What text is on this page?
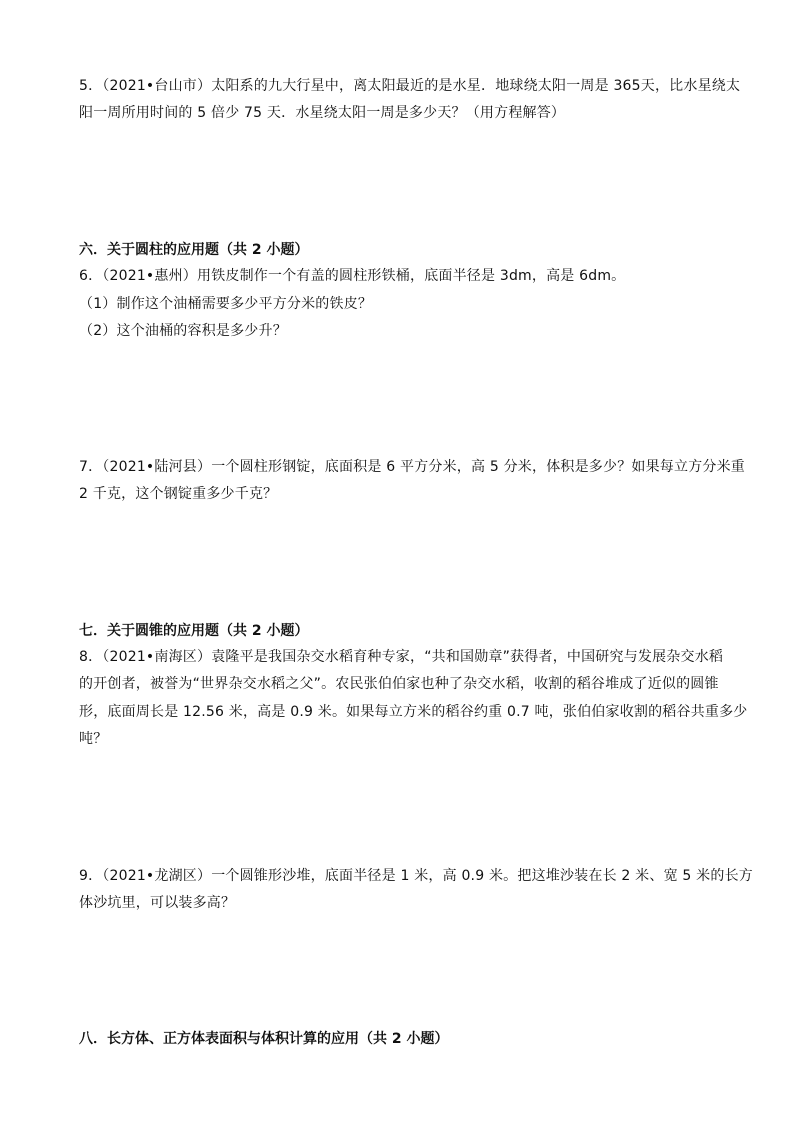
5．（2021•台山市）太阳系的九大行星中，离太阳最近的是水星．地球绕太阳一周是 365天，比水星绕太
阳一周所用时间的 5 倍少 75 天．水星绕太阳一周是多少天？（用方程解答）
六．关于圆柱的应用题（共 2 小题）
6．（2021•惠州）用铁皮制作一个有盖的圆柱形铁桶，底面半径是 3dm，高是 6dm。
（1）制作这个油桶需要多少平方分米的铁皮？
（2）这个油桶的容积是多少升？
7．（2021•陆河县）一个圆柱形钢锭，底面积是 6 平方分米，高 5 分米，体积是多少？如果每立方分米重
2 千克，这个钢锭重多少千克？
七．关于圆锥的应用题（共 2 小题）
8．（2021•南海区）袁隆平是我国杂交水稻育种专家，“共和国勋章”获得者，中国研究与发展杂交水稻
的开创者，被誉为“世界杂交水稻之父”。农民张伯伯家也种了杂交水稻，收割的稻谷堆成了近似的圆锥
形，底面周长是 12.56 米，高是 0.9 米。如果每立方米的稻谷约重 0.7 吨，张伯伯家收割的稻谷共重多少
吨？
9．（2021•龙湖区）一个圆锥形沙堆，底面半径是 1 米，高 0.9 米。把这堆沙装在长 2 米、宽 5 米的长方
体沙坑里，可以装多高？
八．长方体、正方体表面积与体积计算的应用（共 2 小题）
